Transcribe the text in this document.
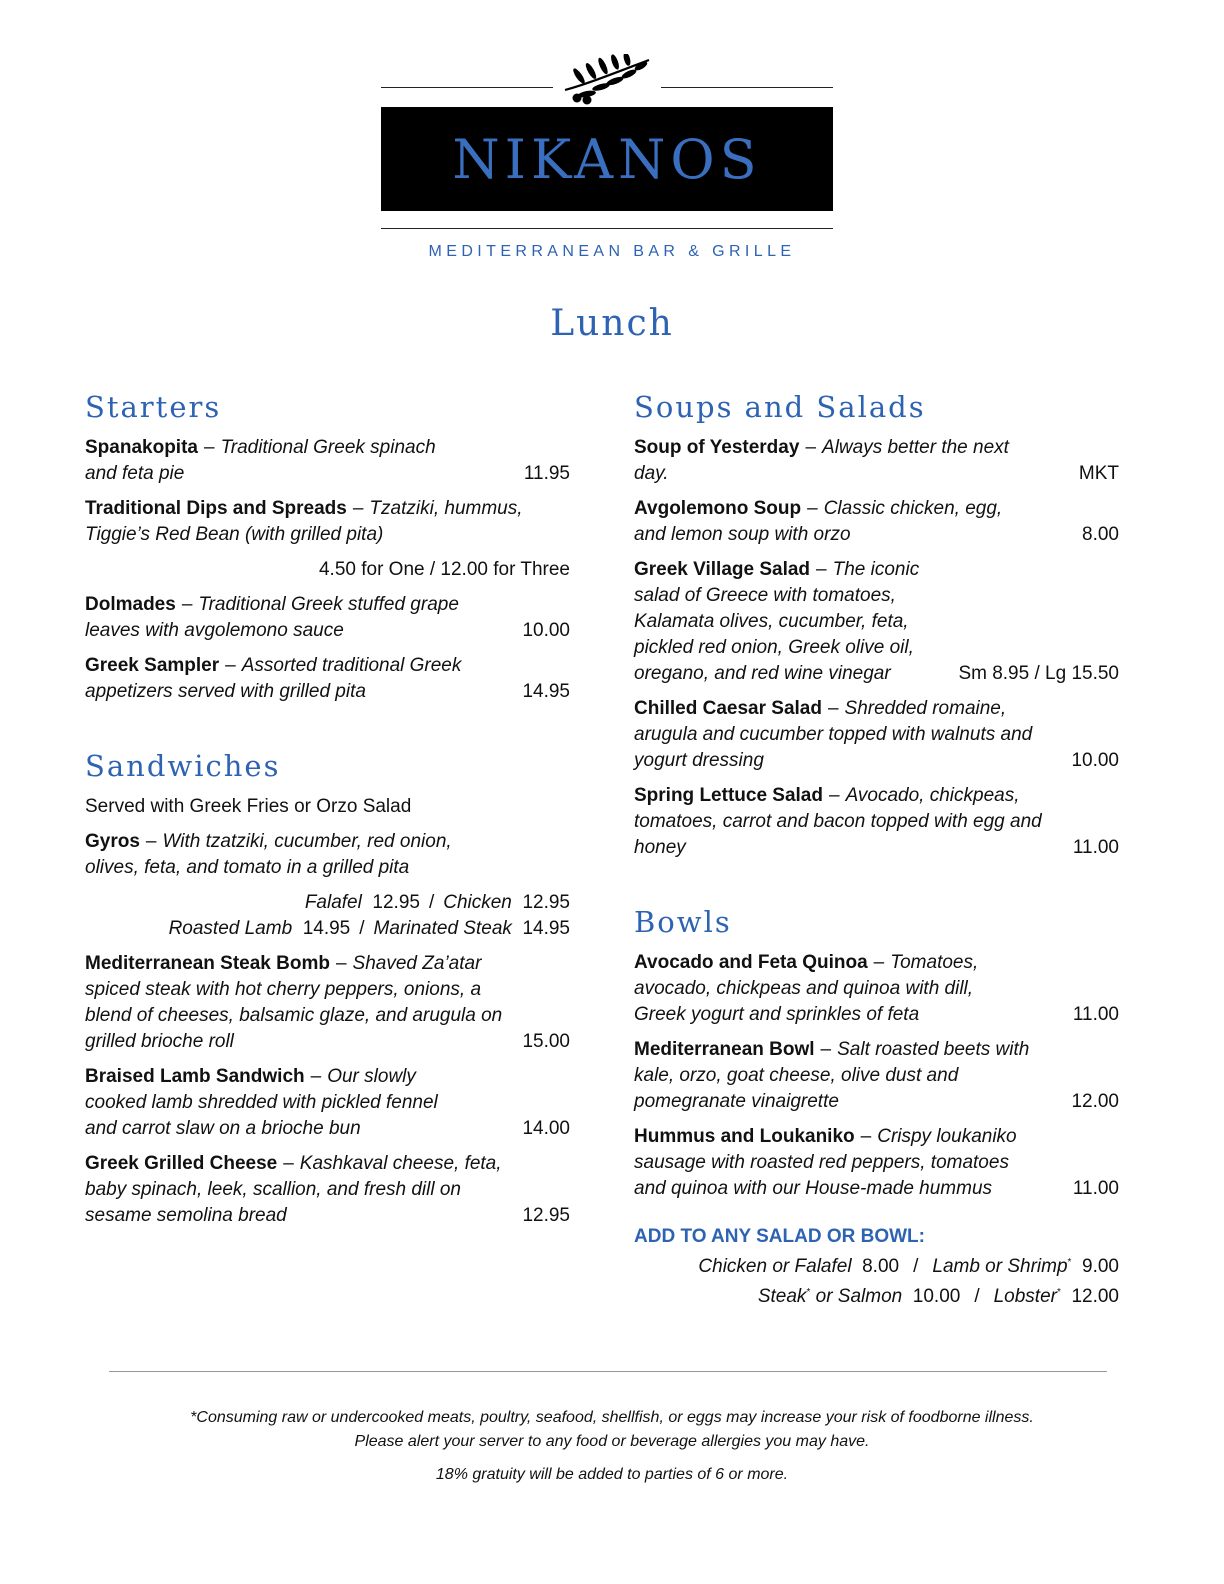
NIKANOS
MEDITERRANEAN BAR & GRILLE
Lunch
Starters
Spanakopita – Traditional Greek spinach and feta pie	11.95
Traditional Dips and Spreads – Tzatziki, hummus, Tiggie’s Red Bean (with grilled pita)
4.50 for One / 12.00 for Three
Dolmades – Traditional Greek stuffed grape leaves with avgolemono sauce	10.00
Greek Sampler – Assorted traditional Greek appetizers served with grilled pita	14.95
Sandwiches
Served with Greek Fries or Orzo Salad
Gyros – With tzatziki, cucumber, red onion, olives, feta, and tomato in a grilled pita
Falafel 12.95 / Chicken 12.95
Roasted Lamb 14.95 / Marinated Steak 14.95
Mediterranean Steak Bomb – Shaved Za’atar spiced steak with hot cherry peppers, onions, a blend of cheeses, balsamic glaze, and arugula on grilled brioche roll	15.00
Braised Lamb Sandwich – Our slowly cooked lamb shredded with pickled fennel and carrot slaw on a brioche bun	14.00
Greek Grilled Cheese – Kashkaval cheese, feta, baby spinach, leek, scallion, and fresh dill on sesame semolina bread	12.95
Soups and Salads
Soup of Yesterday – Always better the next day.	MKT
Avgolemono Soup – Classic chicken, egg, and lemon soup with orzo	8.00
Greek Village Salad – The iconic salad of Greece with tomatoes, Kalamata olives, cucumber, feta, pickled red onion, Greek olive oil, oregano, and red wine vinegar	Sm 8.95 / Lg 15.50
Chilled Caesar Salad – Shredded romaine, arugula and cucumber topped with walnuts and yogurt dressing	10.00
Spring Lettuce Salad – Avocado, chickpeas, tomatoes, carrot and bacon topped with egg and honey	11.00
Bowls
Avocado and Feta Quinoa – Tomatoes, avocado, chickpeas and quinoa with dill, Greek yogurt and sprinkles of feta	11.00
Mediterranean Bowl – Salt roasted beets with kale, orzo, goat cheese, olive dust and pomegranate vinaigrette	12.00
Hummus and Loukaniko – Crispy loukaniko sausage with roasted red peppers, tomatoes and quinoa with our House-made hummus	11.00
ADD TO ANY SALAD OR BOWL:
Chicken or Falafel 8.00 / Lamb or Shrimp* 9.00
Steak* or Salmon 10.00 / Lobster* 12.00
*Consuming raw or undercooked meats, poultry, seafood, shellfish, or eggs may increase your risk of foodborne illness.
Please alert your server to any food or beverage allergies you may have.
18% gratuity will be added to parties of 6 or more.
